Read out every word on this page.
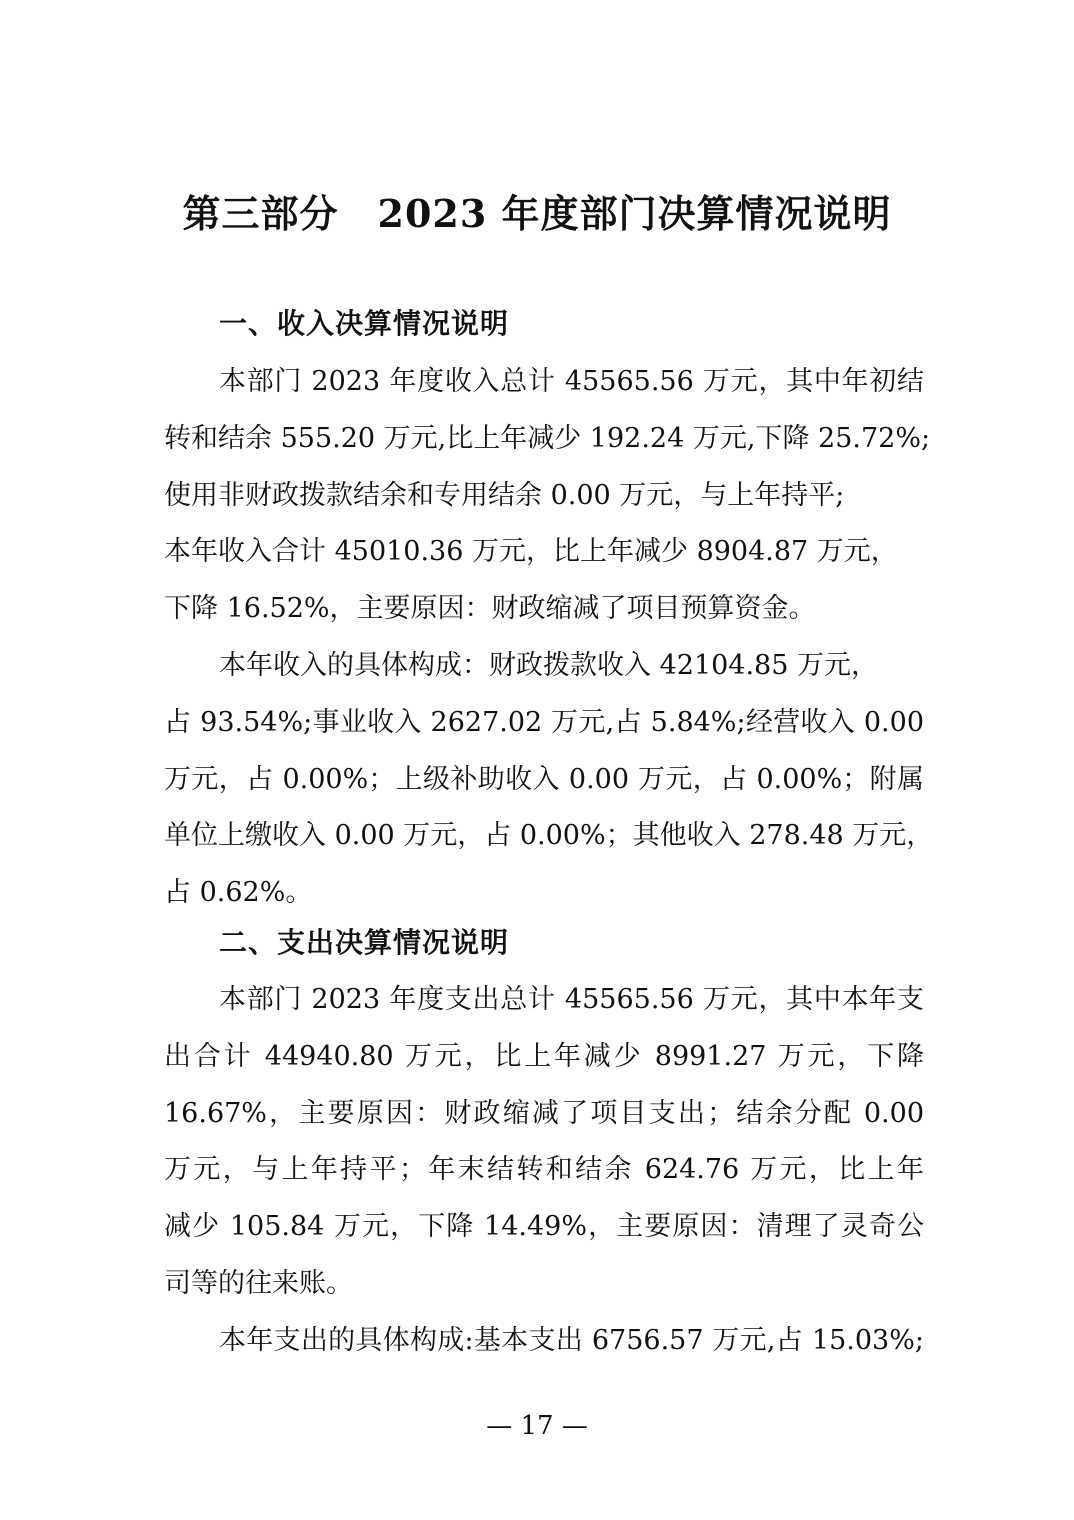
第三部分　2023 年度部门决算情况说明
一、收入决算情况说明
本部门 2023 年度收入总计 45565.56 万元，其中年初结
转和结余 555.20 万元,比上年减少 192.24 万元,下降 25.72%;
使用非财政拨款结余和专用结余 0.00 万元，与上年持平;
本年收入合计 45010.36 万元，比上年减少 8904.87 万元，
下降 16.52%，主要原因：财政缩减了项目预算资金。
本年收入的具体构成：财政拨款收入 42104.85 万元，
占 93.54%;事业收入 2627.02 万元,占 5.84%;经营收入 0.00
万元，占 0.00%；上级补助收入 0.00 万元，占 0.00%；附属
单位上缴收入 0.00 万元，占 0.00%；其他收入 278.48 万元，
占 0.62%。
二、支出决算情况说明
本部门 2023 年度支出总计 45565.56 万元，其中本年支
出合计 44940.80 万元，比上年减少 8991.27 万元，下降
16.67%，主要原因：财政缩减了项目支出；结余分配 0.00
万元，与上年持平；年末结转和结余 624.76 万元，比上年
减少 105.84 万元，下降 14.49%，主要原因：清理了灵奇公
司等的往来账。
本年支出的具体构成:基本支出 6756.57 万元,占 15.03%;
— 17 —
